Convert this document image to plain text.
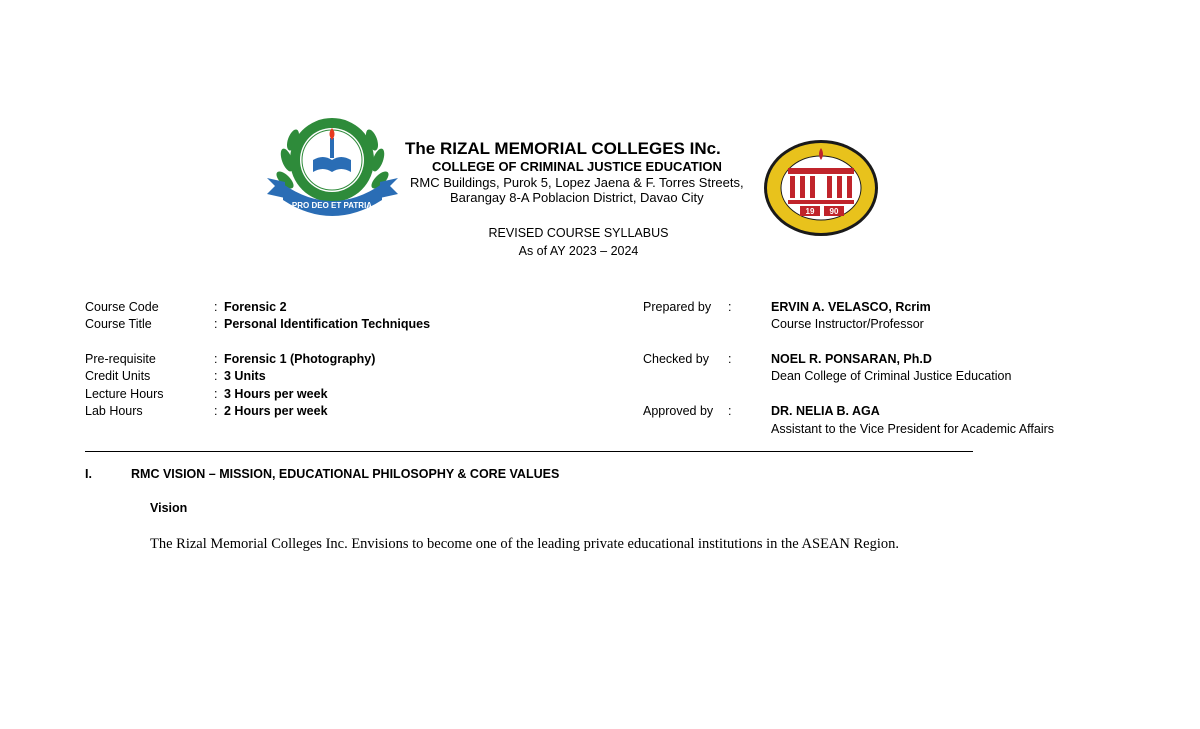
PRO DEO ET PATRIA
19 90
The RIZAL MEMORIAL COLLEGES INc.
COLLEGE OF CRIMINAL JUSTICE EDUCATION
RMC Buildings, Purok 5, Lopez Jaena & F. Torres Streets,
Barangay 8-A Poblacion District, Davao City
REVISED COURSE SYLLABUS
As of AY 2023 – 2024
Course Code	: Forensic 2
Course Title	: Personal Identification Techniques
Pre-requisite	: Forensic 1 (Photography)
Credit Units	: 3 Units
Lecture Hours	: 3 Hours per week
Lab Hours	: 2 Hours per week
Prepared by :	ERVIN A. VELASCO, Rcrim
Course Instructor/Professor
Checked by :	NOEL R. PONSARAN, Ph.D
Dean College of Criminal Justice Education
Approved by :	DR. NELIA B. AGA
Assistant to the Vice President for Academic Affairs
I.	RMC VISION – MISSION, EDUCATIONAL PHILOSOPHY & CORE VALUES
Vision
The Rizal Memorial Colleges Inc. Envisions to become one of the leading private educational institutions in the ASEAN Region.
